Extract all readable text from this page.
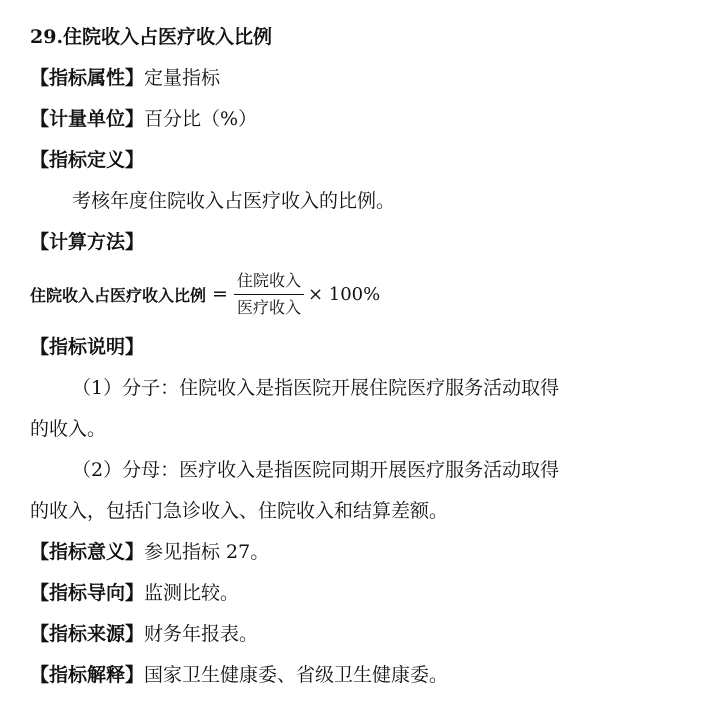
29.住院收入占医疗收入比例
【指标属性】定量指标
【计量单位】百分比（%）
【指标定义】
考核年度住院收入占医疗收入的比例。
【计算方法】
住院收入占医疗收入比例 = $\frac{\text{住院收入}}{\text{医疗收入}} \times 100\%$
【指标说明】
（1）分子：住院收入是指医院开展住院医疗服务活动取得
的收入。
（2）分母：医疗收入是指医院同期开展医疗服务活动取得
的收入，包括门急诊收入、住院收入和结算差额。
【指标意义】参见指标 27。
【指标导向】监测比较。
【指标来源】财务年报表。
【指标解释】国家卫生健康委、省级卫生健康委。
